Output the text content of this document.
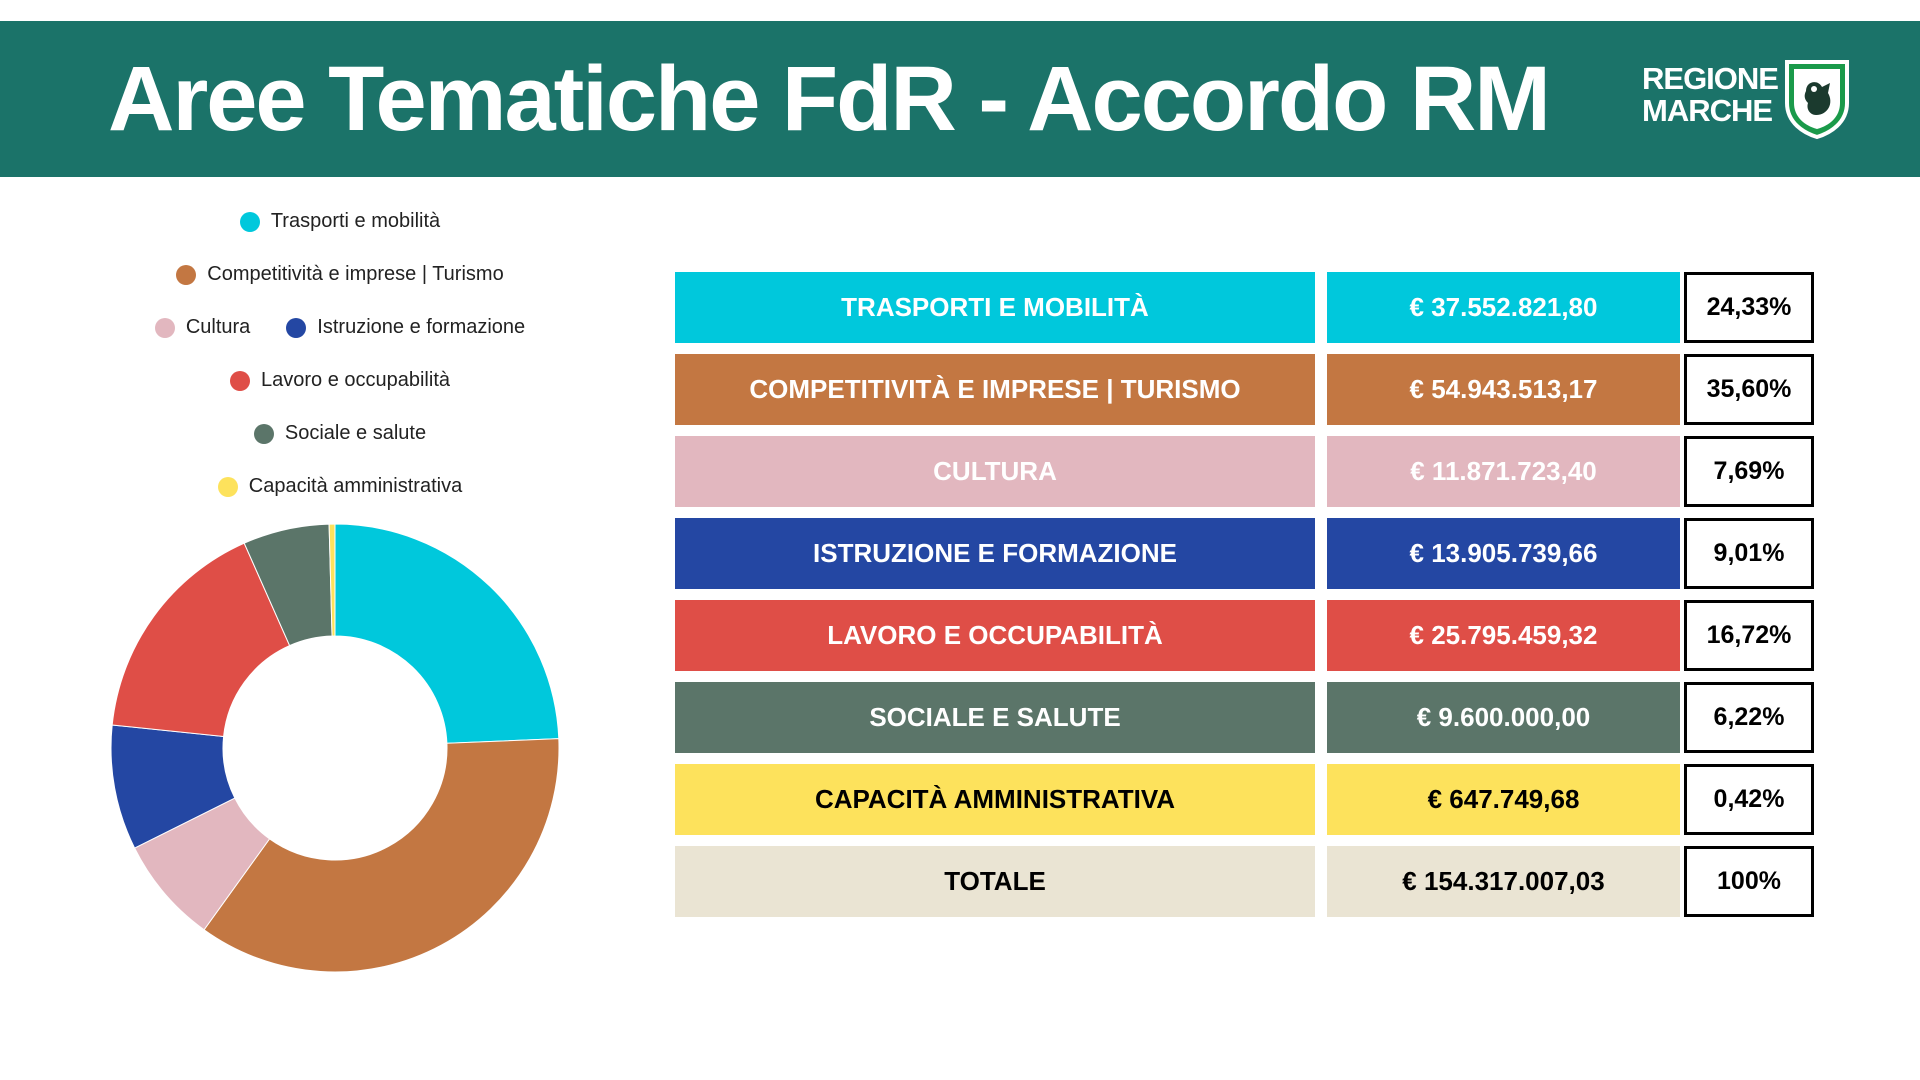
Aree Tematiche FdR - Accordo RM	REGIONE
MARCHE
Trasporti e mobilità
Competitività e imprese | Turismo
Cultura	Istruzione e formazione
Lavoro e occupabilità
Sociale e salute
Capacità amministrativa
TRASPORTI E MOBILITÀ	€ 37.552.821,80	24,33%
COMPETITIVITÀ E IMPRESE | TURISMO	€ 54.943.513,17	35,60%
CULTURA	€ 11.871.723,40	7,69%
ISTRUZIONE E FORMAZIONE	€ 13.905.739,66	9,01%
LAVORO E OCCUPABILITÀ	€ 25.795.459,32	16,72%
SOCIALE E SALUTE	€ 9.600.000,00	6,22%
CAPACITÀ AMMINISTRATIVA	€ 647.749,68	0,42%
TOTALE	€ 154.317.007,03	100%
